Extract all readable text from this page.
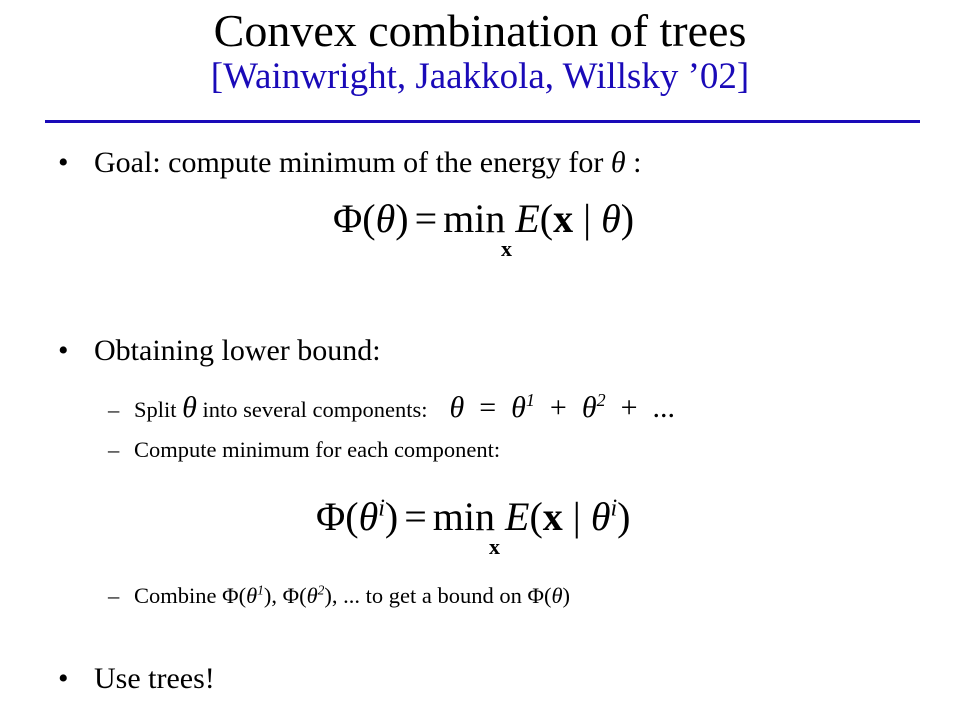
Convex combination of trees
[Wainwright, Jaakkola, Willsky ’02]
• Goal: compute minimum of the energy for θ :
Φ(θ) = min E(x | θ)
x
• Obtaining lower bound:
– Split θ into several components: $\theta = \theta^1 + \theta^2$ + ...
– Compute minimum for each component:
$\Phi(\theta^i) = \min E(x$ | $\theta^i$)
x
– Combine $\Phi(\theta^1)$, $\Phi(\theta^2)$, ... to get a bound on Φ(θ)
• Use trees!
